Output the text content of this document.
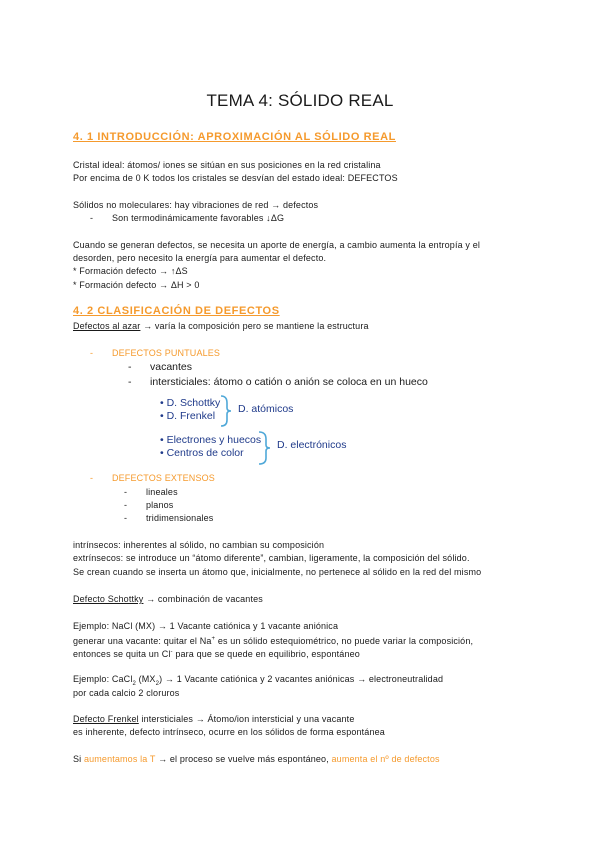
TEMA 4: SÓLIDO REAL
4. 1 INTRODUCCIÓN: APROXIMACIÓN AL SÓLIDO REAL
Cristal ideal: átomos/ iones se sitúan en sus posiciones en la red cristalina
Por encima de 0 K todos los cristales se desvían del estado ideal: DEFECTOS
Sólidos no moleculares: hay vibraciones de red → defectos
- Son termodinámicamente favorables ↓ΔG
Cuando se generan defectos, se necesita un aporte de energía, a cambio aumenta la entropía y el
desorden, pero necesito la energía para aumentar el defecto.
* Formación defecto → ↑ΔS
* Formación defecto → ΔH > 0
4. 2 CLASIFICACIÓN DE DEFECTOS
Defectos al azar → varía la composición pero se mantiene la estructura
- DEFECTOS PUNTUALES
- vacantes
- intersticiales: átomo o catión o anión se coloca en un hueco
• D. Schottky
• D. Frenkel
D. atómicos
• Electrones y huecos
• Centros de color
D. electrónicos
- DEFECTOS EXTENSOS
- lineales
- planos
- tridimensionales
intrínsecos: inherentes al sólido, no cambian su composición
extrínsecos: se introduce un “átomo diferente”, cambian, ligeramente, la composición del sólido.
Se crean cuando se inserta un átomo que, inicialmente, no pertenece al sólido en la red del mismo
Defecto Schottky → combinación de vacantes
Ejemplo: NaCl (MX) → 1 Vacante catiónica y 1 vacante aniónica
generar una vacante: quitar el Na+ es un sólido estequiométrico, no puede variar la composición,
entonces se quita un Cl- para que se quede en equilibrio, espontáneo
Ejemplo: CaCl$_2$ $(MX_2) \to 1$ Vacante catiónica y 2 vacantes aniónicas → electroneutralidad
por cada calcio 2 cloruros
Defecto Frenkel intersticiales → Átomo/ion intersticial y una vacante
es inherente, defecto intrínseco, ocurre en los sólidos de forma espontánea
Si aumentamos la T → el proceso se vuelve más espontáneo, aumenta el nº de defectos
